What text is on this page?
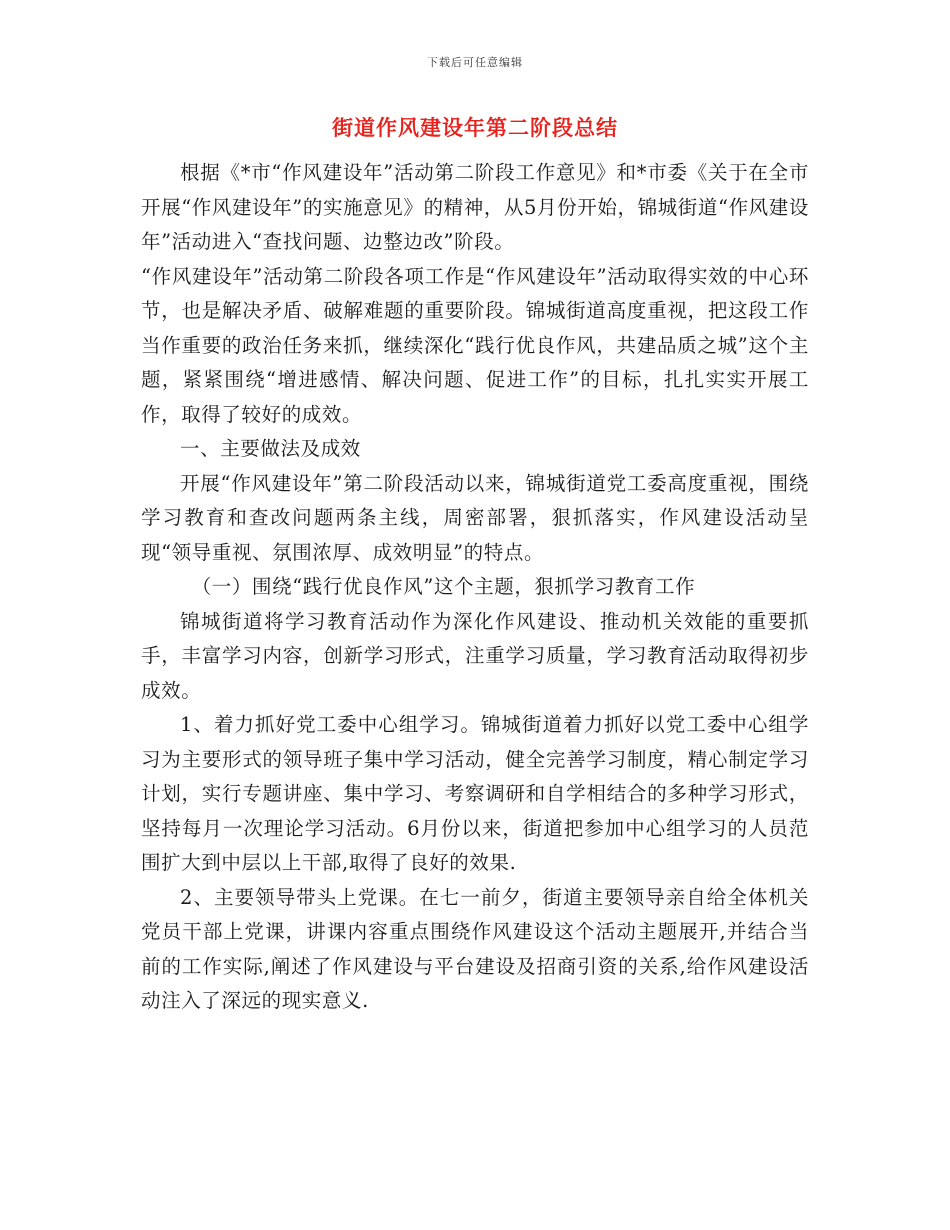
下载后可任意编辑
街道作风建设年第二阶段总结

根据《*市“作风建设年”活动第二阶段工作意见》和*市委《关于在全市开展“作风建设年”的实施意见》的精神，从5月份开始，锦城街道“作风建设年”活动进入“查找问题、边整边改”阶段。

“作风建设年”活动第二阶段各项工作是“作风建设年”活动取得实效的中心环节，也是解决矛盾、破解难题的重要阶段。锦城街道高度重视，把这段工作当作重要的政治任务来抓，继续深化“践行优良作风，共建品质之城”这个主题，紧紧围绕“增进感情、解决问题、促进工作”的目标，扎扎实实开展工作，取得了较好的成效。

一、主要做法及成效

开展“作风建设年”第二阶段活动以来，锦城街道党工委高度重视，围绕学习教育和查改问题两条主线，周密部署，狠抓落实，作风建设活动呈现“领导重视、氛围浓厚、成效明显”的特点。

（一）围绕“践行优良作风”这个主题，狠抓学习教育工作

锦城街道将学习教育活动作为深化作风建设、推动机关效能的重要抓手，丰富学习内容，创新学习形式，注重学习质量，学习教育活动取得初步成效。

1、着力抓好党工委中心组学习。锦城街道着力抓好以党工委中心组学习为主要形式的领导班子集中学习活动，健全完善学习制度，精心制定学习计划，实行专题讲座、集中学习、考察调研和自学相结合的多种学习形式，坚持每月一次理论学习活动。6月份以来，街道把参加中心组学习的人员范围扩大到中层以上干部,取得了良好的效果.

2、主要领导带头上党课。在七一前夕，街道主要领导亲自给全体机关党员干部上党课，讲课内容重点围绕作风建设这个活动主题展开,并结合当前的工作实际,阐述了作风建设与平台建设及招商引资的关系,给作风建设活动注入了深远的现实意义.
